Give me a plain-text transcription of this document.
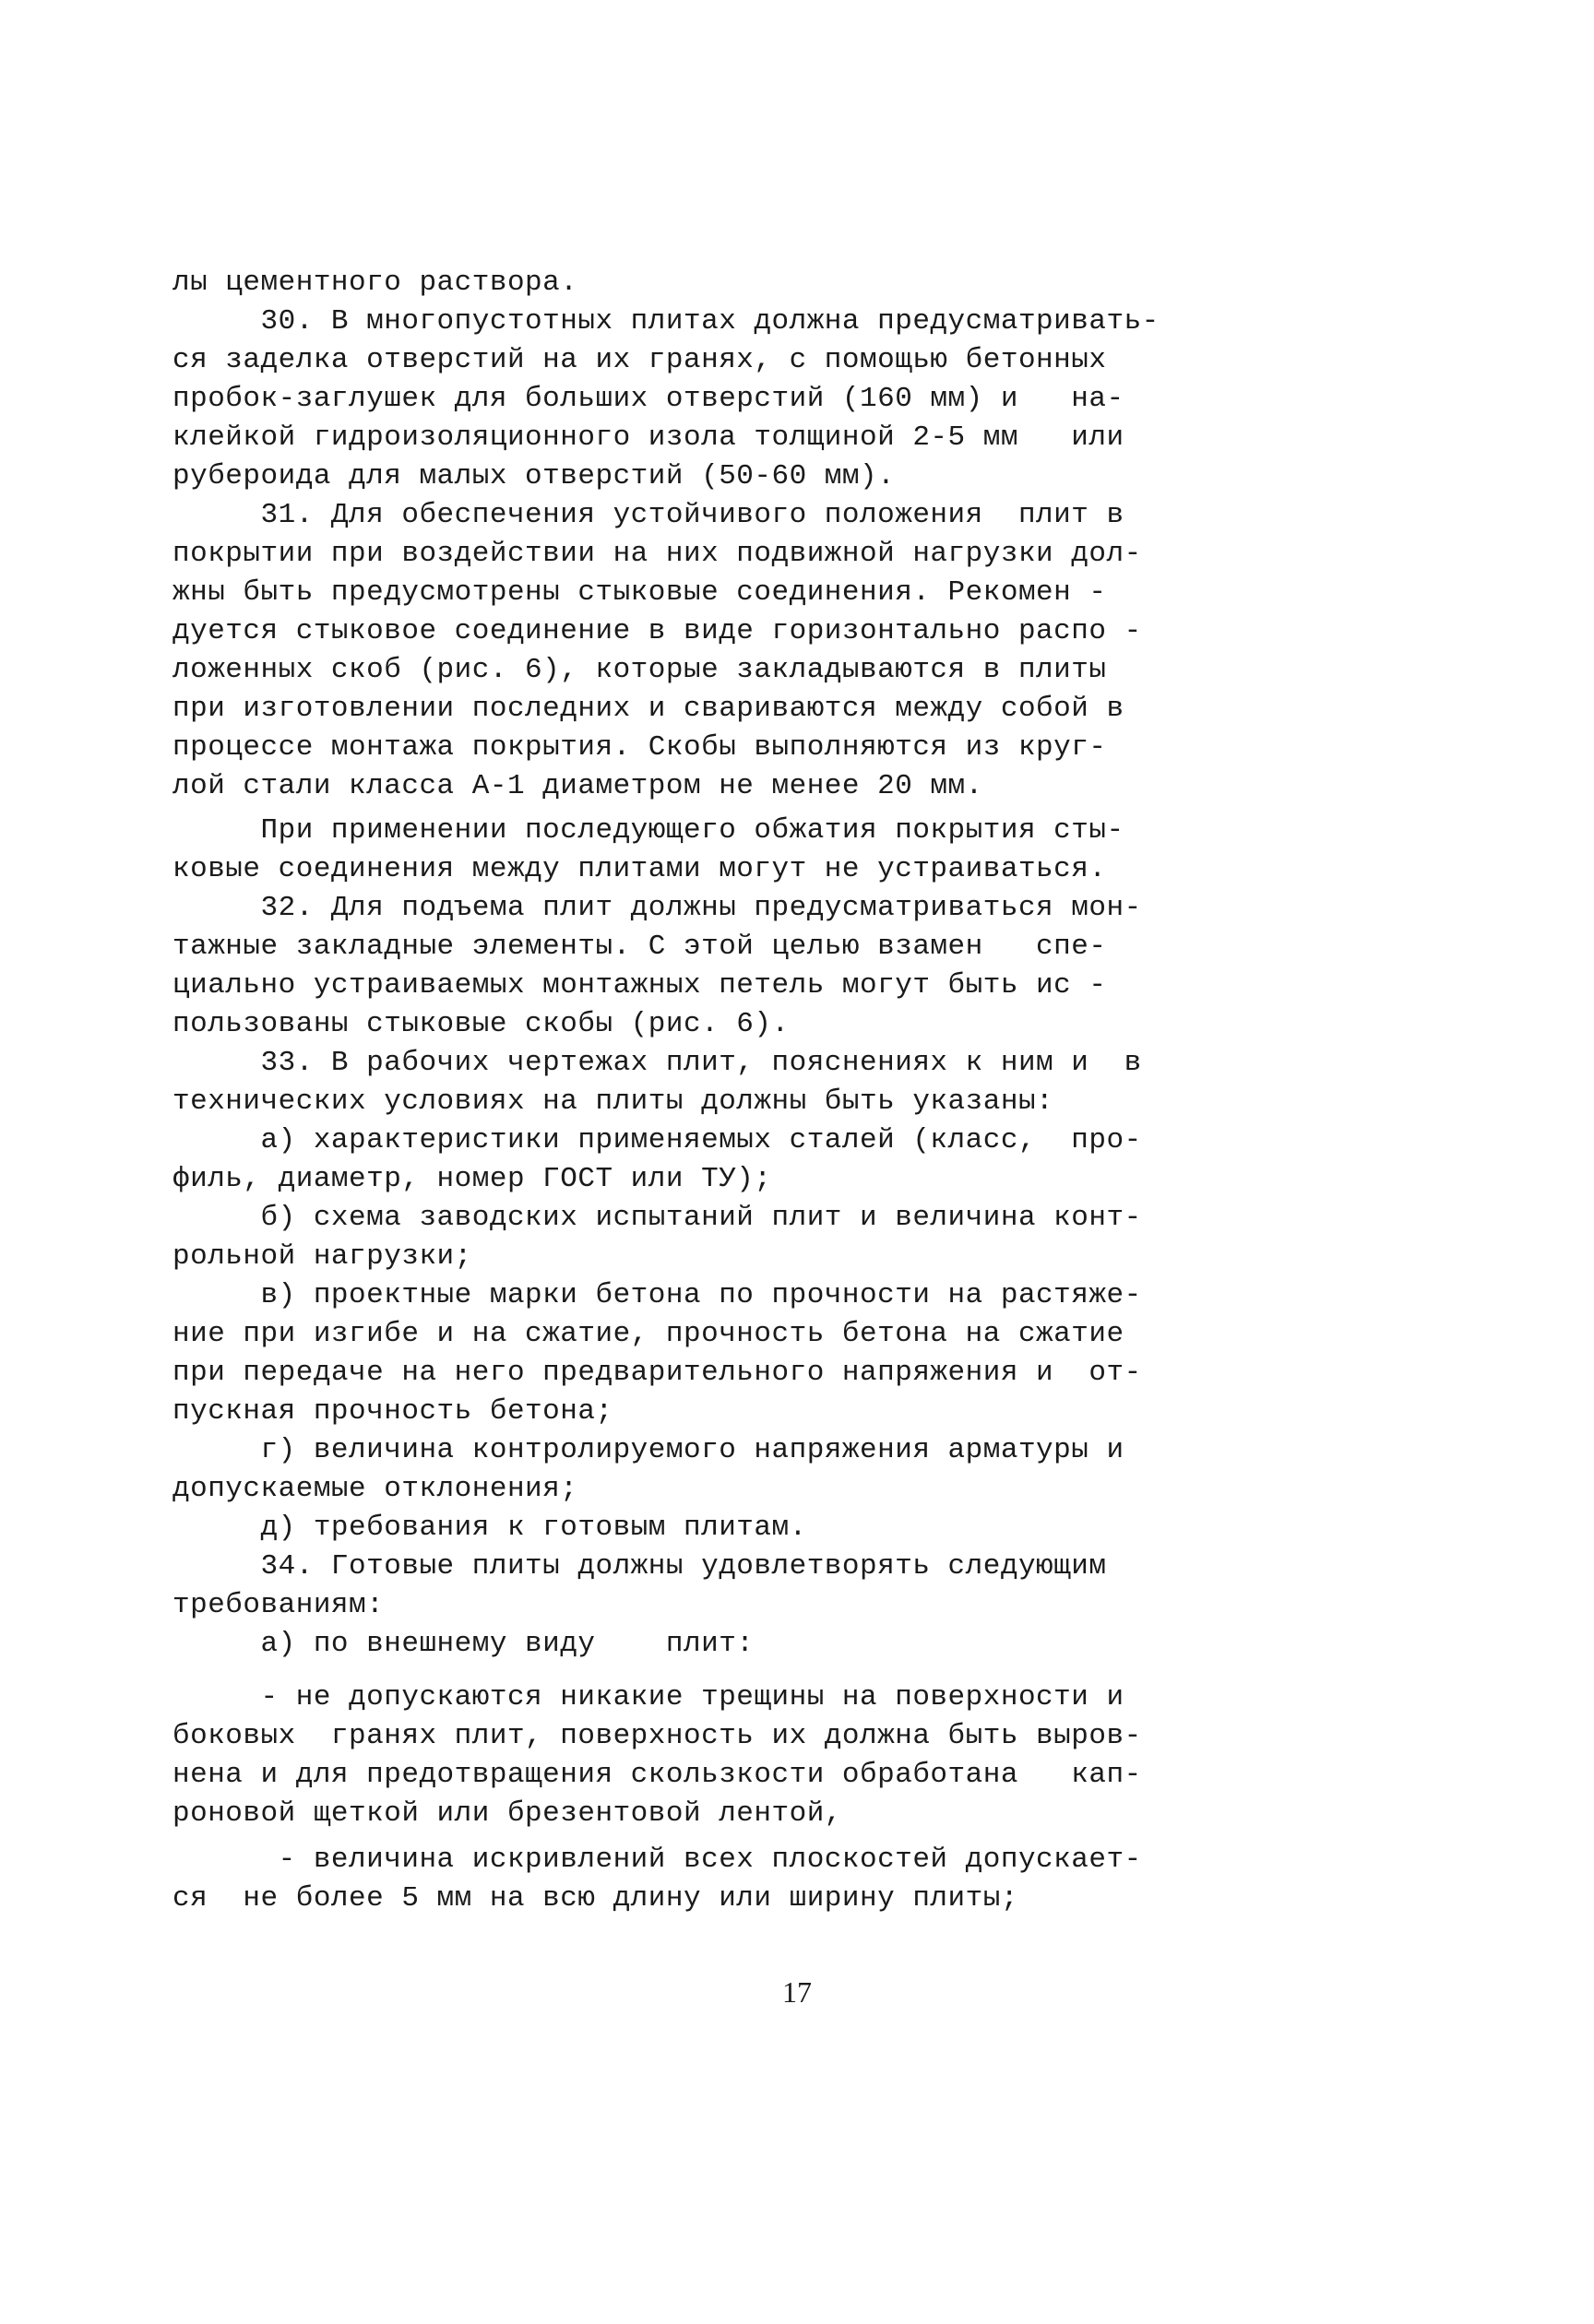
лы цементного раствора.
30. В многопустотных плитах должна предусматривать-
ся заделка отверстий на их гранях, с помощью бетонных
пробок-заглушек для больших отверстий (160 мм) и   на-
клейкой гидроизоляционного изола толщиной 2-5 мм   или
рубероида для малых отверстий (50-60 мм).
31. Для обеспечения устойчивого положения  плит в
покрытии при воздействии на них подвижной нагрузки дол-
жны быть предусмотрены стыковые соединения. Рекомен -
дуется стыковое соединение в виде горизонтально распо -
ложенных скоб (рис. 6), которые закладываются в плиты
при изготовлении последних и свариваются между собой в
процессе монтажа покрытия. Скобы выполняются из круг-
лой стали класса А-1 диаметром не менее 20 мм.
При применении последующего обжатия покрытия сты-
ковые соединения между плитами могут не устраиваться.
32. Для подъема плит должны предусматриваться мон-
тажные закладные элементы. С этой целью взамен   спе-
циально устраиваемых монтажных петель могут быть ис -
пользованы стыковые скобы (рис. 6).
33. В рабочих чертежах плит, пояснениях к ним и  в
технических условиях на плиты должны быть указаны:
а) характеристики применяемых сталей (класс,  про-
филь, диаметр, номер ГОСТ или ТУ);
б) схема заводских испытаний плит и величина конт-
рольной нагрузки;
в) проектные марки бетона по прочности на растяже-
ние при изгибе и на сжатие, прочность бетона на сжатие
при передаче на него предварительного напряжения и  от-
пускная прочность бетона;
г) величина контролируемого напряжения арматуры и
допускаемые отклонения;
д) требования к готовым плитам.
34. Готовые плиты должны удовлетворять следующим
требованиям:
а) по внешнему виду    плит:
- не допускаются никакие трещины на поверхности и
боковых  гранях плит, поверхность их должна быть выров-
нена и для предотвращения скользкости обработана   кап-
роновой щеткой или брезентовой лентой,
- величина искривлений всех плоскостей допускает-
ся  не более 5 мм на всю длину или ширину плиты;
17
